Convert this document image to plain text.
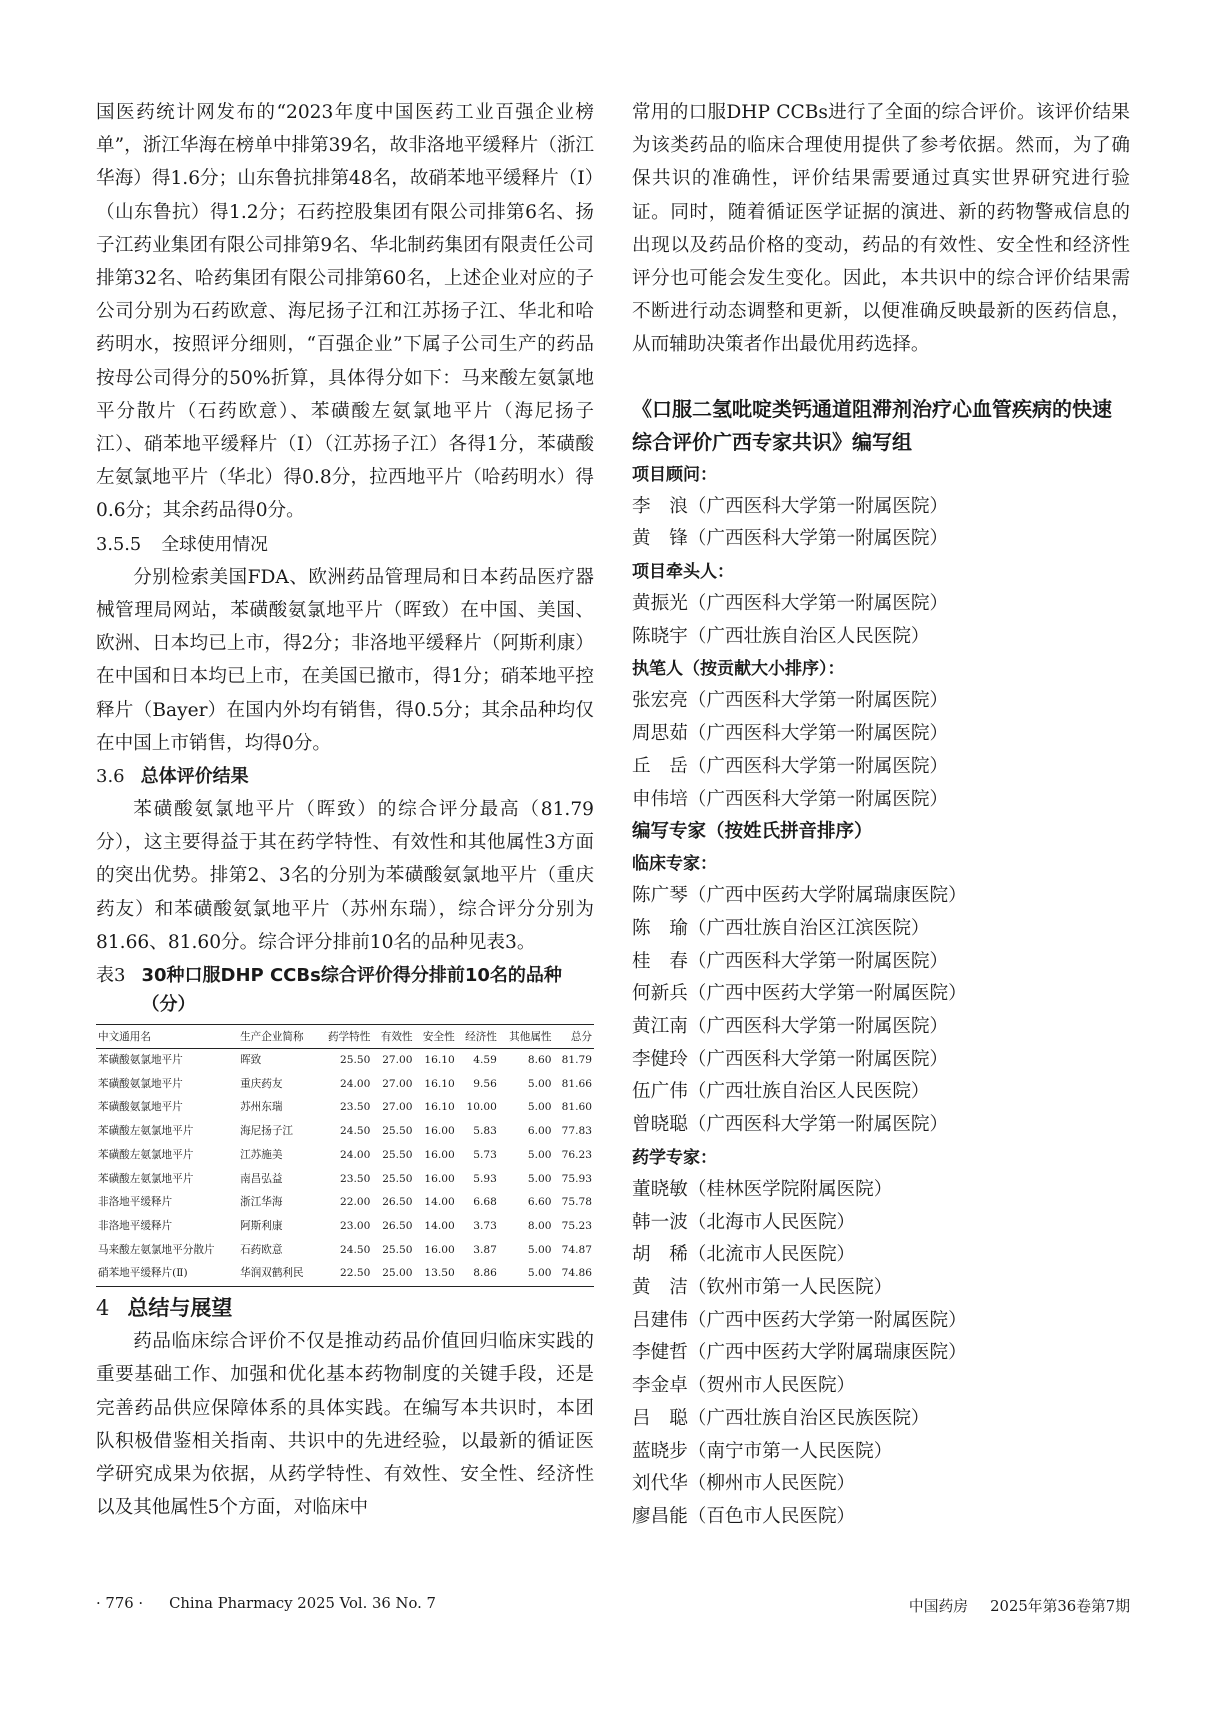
国医药统计网发布的“2023年度中国医药工业百强企业榜单”，浙江华海在榜单中排第39名，故非洛地平缓释片（浙江华海）得1.6分；山东鲁抗排第48名，故硝苯地平缓释片（Ⅰ）（山东鲁抗）得1.2分；石药控股集团有限公司排第6名、扬子江药业集团有限公司排第9名、华北制药集团有限责任公司排第32名、哈药集团有限公司排第60名，上述企业对应的子公司分别为石药欧意、海尼扬子江和江苏扬子江、华北和哈药明水，按照评分细则，“百强企业”下属子公司生产的药品按母公司得分的50%折算，具体得分如下：马来酸左氨氯地平分散片（石药欧意）、苯磺酸左氨氯地平片（海尼扬子江）、硝苯地平缓释片（Ⅰ）（江苏扬子江）各得1分，苯磺酸左氨氯地平片（华北）得0.8分，拉西地平片（哈药明水）得0.6分；其余药品得0分。

3.5.5 全球使用情况

分别检索美国FDA、欧洲药品管理局和日本药品医疗器械管理局网站，苯磺酸氨氯地平片（晖致）在中国、美国、欧洲、日本均已上市，得2分；非洛地平缓释片（阿斯利康）在中国和日本均已上市，在美国已撤市，得1分；硝苯地平控释片（Bayer）在国内外均有销售，得0.5分；其余品种均仅在中国上市销售，均得0分。

3.6 总体评价结果

苯磺酸氨氯地平片（晖致）的综合评分最高（81.79分），这主要得益于其在药学特性、有效性和其他属性3方面的突出优势。排第2、3名的分别为苯磺酸氨氯地平片（重庆药友）和苯磺酸氨氯地平片（苏州东瑞），综合评分分别为81.66、81.60分。综合评分排前10名的品种见表3。

表3 30种口服DHP CCBs综合评价得分排前10名的品种（分）
中文通用名	生产企业简称	药学特性	有效性	安全性	经济性	其他属性	总分
苯磺酸氨氯地平片	晖致	25.50	27.00	16.10	4.59	8.60	81.79
苯磺酸氨氯地平片	重庆药友	24.00	27.00	16.10	9.56	5.00	81.66
苯磺酸氨氯地平片	苏州东瑞	23.50	27.00	16.10	10.00	5.00	81.60
苯磺酸左氨氯地平片	海尼扬子江	24.50	25.50	16.00	5.83	6.00	77.83
苯磺酸左氨氯地平片	江苏施美	24.00	25.50	16.00	5.73	5.00	76.23
苯磺酸左氨氯地平片	南昌弘益	23.50	25.50	16.00	5.93	5.00	75.93
非洛地平缓释片	浙江华海	22.00	26.50	14.00	6.68	6.60	75.78
非洛地平缓释片	阿斯利康	23.00	26.50	14.00	3.73	8.00	75.23
马来酸左氨氯地平分散片	石药欧意	24.50	25.50	16.00	3.87	5.00	74.87
硝苯地平缓释片(Ⅱ)	华润双鹤利民	22.50	25.00	13.50	8.86	5.00	74.86

4 总结与展望

药品临床综合评价不仅是推动药品价值回归临床实践的重要基础工作、加强和优化基本药物制度的关键手段，还是完善药品供应保障体系的具体实践。在编写本共识时，本团队积极借鉴相关指南、共识中的先进经验，以最新的循证医学研究成果为依据，从药学特性、有效性、安全性、经济性以及其他属性5个方面，对临床中

常用的口服DHP CCBs进行了全面的综合评价。该评价结果为该类药品的临床合理使用提供了参考依据。然而，为了确保共识的准确性，评价结果需要通过真实世界研究进行验证。同时，随着循证医学证据的演进、新的药物警戒信息的出现以及药品价格的变动，药品的有效性、安全性和经济性评分也可能会发生变化。因此，本共识中的综合评价结果需不断进行动态调整和更新，以便准确反映最新的医药信息，从而辅助决策者作出最优用药选择。

《口服二氢吡啶类钙通道阻滞剂治疗心血管疾病的快速综合评价广西专家共识》编写组

项目顾问：

李　浪（广西医科大学第一附属医院）

黄　锋（广西医科大学第一附属医院）

项目牵头人：

黄振光（广西医科大学第一附属医院）

陈晓宇（广西壮族自治区人民医院）

执笔人（按贡献大小排序）：

张宏亮（广西医科大学第一附属医院）

周思茹（广西医科大学第一附属医院）

丘　岳（广西医科大学第一附属医院）

申伟培（广西医科大学第一附属医院）

编写专家（按姓氏拼音排序）

临床专家：

陈广琴（广西中医药大学附属瑞康医院）

陈　瑜（广西壮族自治区江滨医院）

桂　春（广西医科大学第一附属医院）

何新兵（广西中医药大学第一附属医院）

黄江南（广西医科大学第一附属医院）

李健玲（广西医科大学第一附属医院）

伍广伟（广西壮族自治区人民医院）

曾晓聪（广西医科大学第一附属医院）

药学专家：

董晓敏（桂林医学院附属医院）

韩一波（北海市人民医院）

胡　稀（北流市人民医院）

黄　洁（钦州市第一人民医院）

吕建伟（广西中医药大学第一附属医院）

李健哲（广西中医药大学附属瑞康医院）

李金卓（贺州市人民医院）

吕　聪（广西壮族自治区民族医院）

蓝晓步（南宁市第一人民医院）

刘代华（柳州市人民医院）

廖昌能（百色市人民医院）

· 776 · China Pharmacy 2025 Vol. 36 No. 7	中国药房 2025年第36卷第7期
